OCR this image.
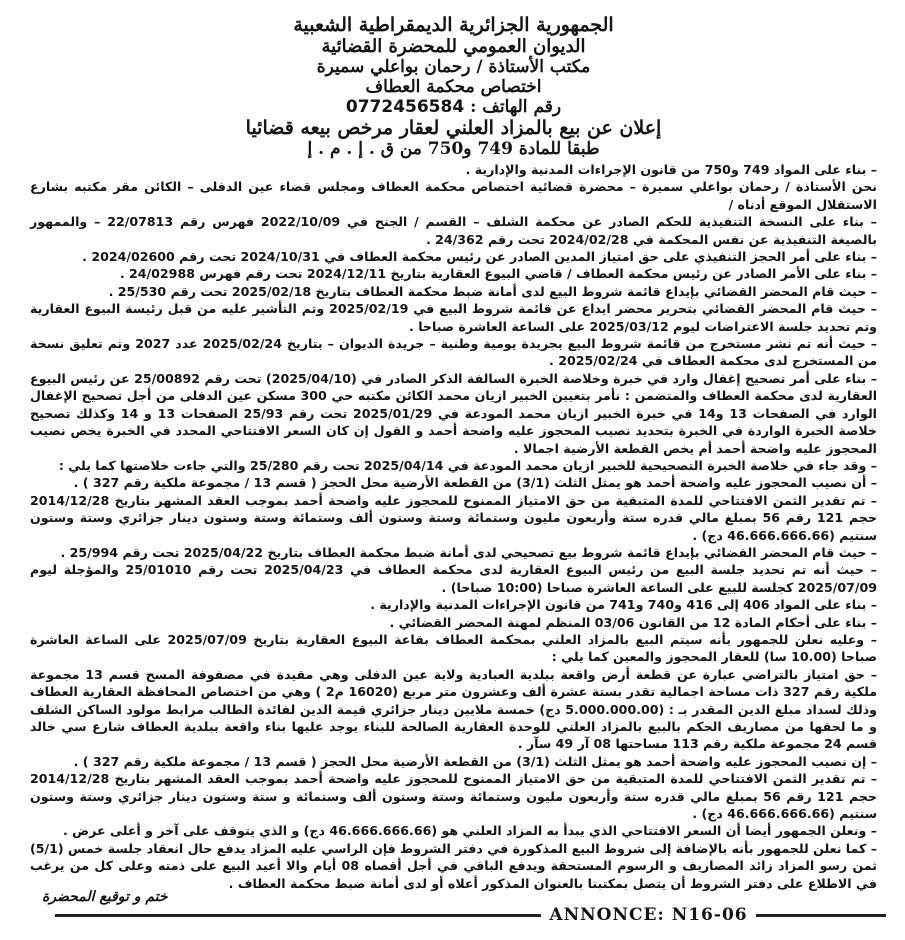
الجمهورية الجزائرية الديمقراطية الشعبية
الديوان العمومي للمحضرة القضائية
مكتب الأستاذة / رحمان بواعلي سميرة
اختصاص محكمة العطاف
رقم الهاتف : 0772456584
إعلان عن بيع بالمزاد العلني لعقار مرخص بيعه قضائيا
طبقا للمادة 749 و750 من ق . إ . م . إ

– بناء على المواد 749 و750 من قانون الإجراءات المدنية والإدارية .

نحن الأستاذة / رحمان بواعلي سميرة – محضرة قضائية اختصاص محكمة العطاف ومجلس قضاء عين الدفلى – الكائن مقر مكتبه بشارع الاستقلال الموقع أدناه /

– بناء على النسخة التنفيذية للحكم الصادر عن محكمة الشلف – القسم / الجنح في 2022/10/09 فهرس رقم 22/07813 – والممهور بالصيغة التنفيذية عن نفس المحكمة في 2024/02/28 تحت رقم 24/362 .

– بناء على أمر الحجز التنفيذي على حق امتياز المدين الصادر عن رئيس محكمة العطاف في 2024/10/31 تحت رقم 2024/02600 .

– بناء على الأمر الصادر عن رئيس محكمة العطاف / قاضي البيوع العقارية بتاريخ 2024/12/11 تحت رقم فهرس 24/02988 .

– حيث قام المحضر القضائي بإيداع قائمة شروط البيع لدى أمانة ضبط محكمة العطاف بتاريخ 2025/02/18 تحت رقم 25/530 .

– حيث قام المحضر القضائي بتحرير محضر ايداع عن قائمة شروط البيع في 2025/02/19 وتم التأشير عليه من قبل رئيسة البيوع العقارية وتم تحديد جلسة الاعتراضات ليوم 2025/03/12 على الساعة العاشرة صباحا .

– حيث أنه تم نشر مستخرج من قائمة شروط البيع بجريدة يومية وطنية – جريدة الديوان – بتاريخ 2025/02/24 عدد 2027 وتم تعليق نسخة من المستخرج لدى محكمة العطاف في 2025/02/24 .

– بناء على أمر تصحيح إغفال وارد في خبرة وخلاصة الخبرة السالفة الذكر الصادر في (2025/04/10) تحت رقم 25/00892 عن رئيس البيوع العقارية لدى محكمة العطاف والمتضمن : نأمر بتعيين الخبير ازيان محمد الكائن مكتبه حي 300 مسكن عين الدفلى من أجل تصحيح الإغفال الوارد في الصفحات 13 و14 في خبرة الخبير ازيان محمد المودعة في 2025/01/29 تحت رقم 25/93 الصفحات 13 و 14 وكذلك تصحيح خلاصة الخبرة الواردة في الخبرة بتحديد نصيب المحجوز عليه واضحة أحمد و القول إن كان السعر الافتتاحي المحدد في الخبرة يخص نصيب المحجوز عليه واضحة أحمد أم يخص القطعة الأرضية اجمالا .

– وقد جاء في خلاصة الخبرة التصحيحية للخبير ازيان محمد المودعة في 2025/04/14 تحت رقم 25/280 والتي جاءت خلاصتها كما يلي :

– أن نصيب المحجوز عليه واضحة أحمد هو يمثل الثلث (3/1) من القطعة الأرضية محل الحجز ( قسم 13 / مجموعة ملكية رقم 327 ) .

– تم تقدير الثمن الافتتاحي للمدة المتبقية من حق الامتياز الممنوح للمحجوز عليه واضحة أحمد بموجب العقد المشهر بتاريخ 2014/12/28 حجم 121 رقم 56 بمبلغ مالي قدره ستة وأربعون مليون وستمائة وستة وستون ألف وستمائة وستة وستون دينار جزائري وستة وستون سنتيم (46.666.666.66 دج) .

– حيث قام المحضر القضائي بإيداع قائمة شروط بيع تصحيحي لدى أمانة ضبط محكمة العطاف بتاريخ 2025/04/22 تحت رقم 25/994 .

– حيث أنه تم تحديد جلسة البيع من رئيس البيوع العقارية لدى محكمة العطاف في 2025/04/23 تحت رقم 25/01010 والمؤجلة ليوم 2025/07/09 كجلسة للبيع على الساعة العاشرة صباحا (10:00 صباحا) .

– بناء على المواد 406 إلى 416 و740 و741 من قانون الإجراءات المدنية والإدارية .

– بناء على أحكام المادة 12 من القانون 03/06 المنظم لمهنة المحضر القضائي .

– وعليه نعلن للجمهور بأنه سيتم البيع بالمزاد العلني بمحكمة العطاف بقاعة البيوع العقارية بتاريخ 2025/07/09 على الساعة العاشرة صباحا (10.00 سا) للعقار المحجوز والمعين كما يلي :

– حق امتياز بالتراضي عبارة عن قطعة أرض واقعة ببلدية العبادية ولاية عين الدفلى وهي مقيدة في مصفوفة المسح قسم 13 مجموعة ملكية رقم 327 ذات مساحة اجمالية تقدر بستة عشرة ألف وعشرون متر مربع (16020 م2 ) وهي من اختصاص المحافظة العقارية العطاف وذلك لسداد مبلغ الدين المقدر بـ : (5.000.000.00 دج) خمسة ملايين دينار جزائري قيمة الدين لفائدة الطالب مرابط مولود الساكن الشلف و ما لحقها من مصاريف الحكم بالبيع بالمزاد العلني للوحدة العقارية الصالحة للبناء يوجد عليها بناء واقعة ببلدية العطاف شارع سي خالد قسم 24 مجموعة ملكية رقم 113 مساحتها 08 آر 49 سآر .

– إن نصيب المحجوز عليه واضحة أحمد هو يمثل الثلث (3/1) من القطعة الأرضية محل الحجز ( قسم 13 / مجموعة ملكية رقم 327 ) .

– تم تقدير الثمن الافتتاحي للمدة المتبقية من حق الامتياز الممنوح للمحجوز عليه واضحة أحمد بموجب العقد المشهر بتاريخ 2014/12/28 حجم 121 رقم 56 بمبلغ مالي قدره ستة وأربعون مليون وستمائة وستة وستون ألف وستمائة و ستة وستون دينار جزائري وستة وستون سنتيم (46.666.666.66 دج) .

– ونعلن الجمهور أيضا أن السعر الافتتاحي الذي يبدأ به المزاد العلني هو (46.666.666.66 دج) و الذي يتوقف على آخر و أعلى عرض .

– كما نعلن للجمهور بأنه بالإضافة إلى شروط البيع المذكورة في دفتر الشروط فإن الراسي عليه المزاد يدفع حال انعقاد جلسة خمس (5/1) ثمن رسو المزاد زائد المصاريف و الرسوم المستحقة ويدفع الباقي في أجل أقصاه 08 أيام والا أعيد البيع على ذمته وعلى كل من يرغب في الاطلاع على دفتر الشروط أن يتصل بمكتبنا بالعنوان المذكور أعلاه أو لدى أمانة ضبط محكمة العطاف .

ختم و توقيع المحضرة
ANNONCE: N16-06
